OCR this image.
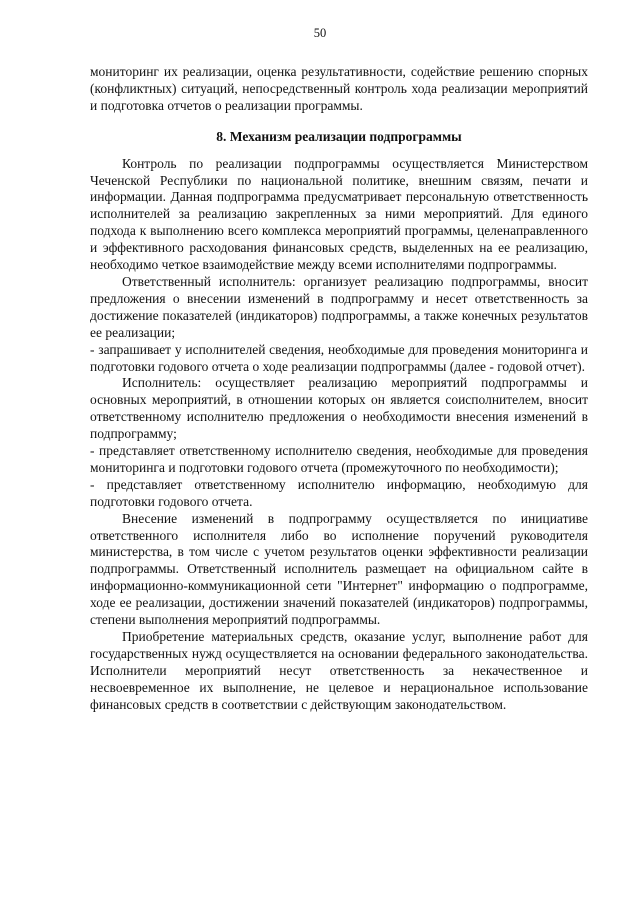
50

мониторинг их реализации, оценка результативности, содействие решению спорных (конфликтных) ситуаций, непосредственный контроль хода реализации мероприятий и подготовка отчетов о реализации программы.

8. Механизм реализации подпрограммы

Контроль по реализации подпрограммы осуществляется Министерством Чеченской Республики по национальной политике, внешним связям, печати и информации. Данная подпрограмма предусматривает персональную ответственность исполнителей за реализацию закрепленных за ними мероприятий. Для единого подхода к выполнению всего комплекса мероприятий программы, целенаправленного и эффективного расходования финансовых средств, выделенных на ее реализацию, необходимо четкое взаимодействие между всеми исполнителями подпрограммы.

Ответственный исполнитель: организует реализацию подпрограммы, вносит предложения о внесении изменений в подпрограмму и несет ответственность за достижение показателей (индикаторов) подпрограммы, а также конечных результатов ее реализации;

- запрашивает у исполнителей сведения, необходимые для проведения мониторинга и подготовки годового отчета о ходе реализации подпрограммы (далее - годовой отчет).

Исполнитель: осуществляет реализацию мероприятий подпрограммы и основных мероприятий, в отношении которых он является соисполнителем, вносит ответственному исполнителю предложения о необходимости внесения изменений в подпрограмму;

- представляет ответственному исполнителю сведения, необходимые для проведения мониторинга и подготовки годового отчета (промежуточного по необходимости);

- представляет ответственному исполнителю информацию, необходимую для подготовки годового отчета.

Внесение изменений в подпрограмму осуществляется по инициативе ответственного исполнителя либо во исполнение поручений руководителя министерства, в том числе с учетом результатов оценки эффективности реализации подпрограммы. Ответственный исполнитель размещает на официальном сайте в информационно-коммуникационной сети "Интернет" информацию о подпрограмме, ходе ее реализации, достижении значений показателей (индикаторов) подпрограммы, степени выполнения мероприятий подпрограммы.

Приобретение материальных средств, оказание услуг, выполнение работ для государственных нужд осуществляется на основании федерального законодательства. Исполнители мероприятий несут ответственность за некачественное и несвоевременное их выполнение, не целевое и нерациональное использование финансовых средств в соответствии с действующим законодательством.
